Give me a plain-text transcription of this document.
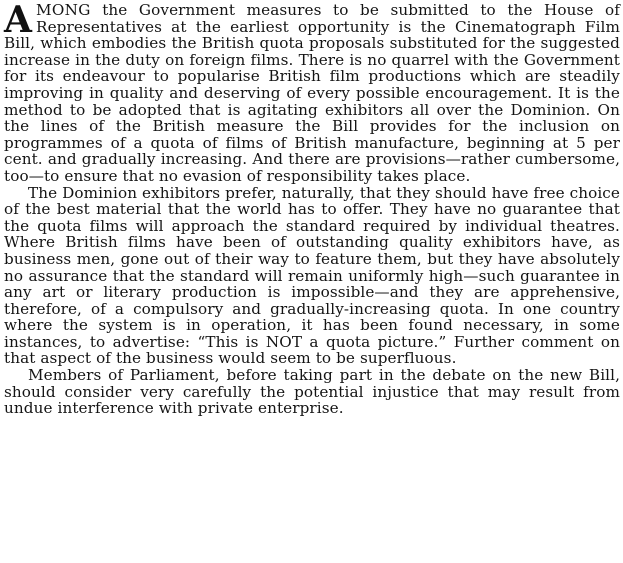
AMONG the Government measures to be submitted to the House of Representatives at the earliest opportunity is the Cinematograph Film Bill, which embodies the British quota proposals substituted for the suggested increase in the duty on foreign films. There is no quarrel with the Government for its endeavour to popularise British film productions which are steadily improving in quality and deserving of every possible encouragement. It is the method to be adopted that is agitating exhibitors all over the Dominion. On the lines of the British measure the Bill provides for the inclusion on programmes of a quota of films of British manufacture, beginning at 5 per cent. and gradually increasing. And there are provisions—rather cumbersome, too—to ensure that no evasion of responsibility takes place.

The Dominion exhibitors prefer, naturally, that they should have free choice of the best material that the world has to offer. They have no guarantee that the quota films will approach the standard required by individual theatres. Where British films have been of outstanding quality exhibitors have, as business men, gone out of their way to feature them, but they have absolutely no assurance that the standard will remain uniformly high—such guarantee in any art or literary production is impossible—and they are apprehensive, therefore, of a compulsory and gradually-increasing quota. In one country where the system is in operation, it has been found necessary, in some instances, to advertise: “This is NOT a quota picture.” Further comment on that aspect of the business would seem to be superfluous.

Members of Parliament, before taking part in the debate on the new Bill, should consider very carefully the potential injustice that may result from undue interference with private enterprise.
